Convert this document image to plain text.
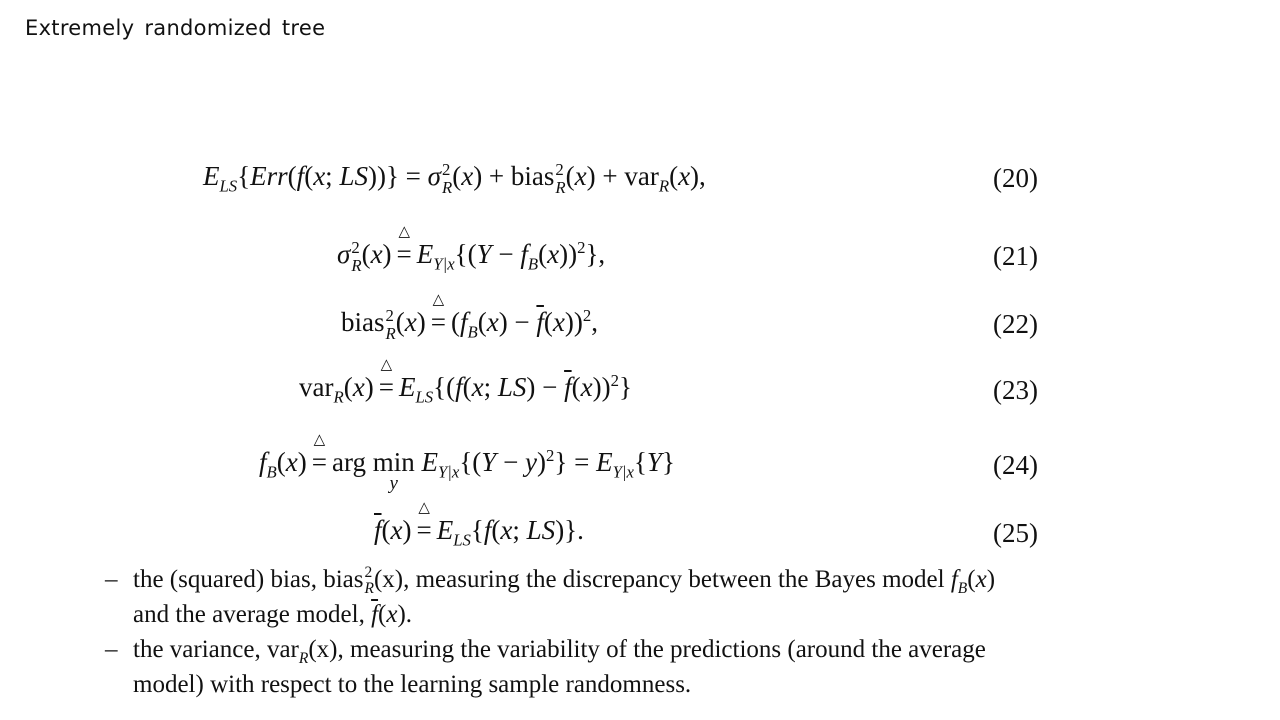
Extremely randomized tree
$E_{LS}\{Err(f(x$; LS))} = σ 2
R (x) + bias 2
R (x) + var$_R$(x),	(20)
σ 2
R (x)
△
= $E_{Y|x}\{(Y - f_B(x))^2\}$,	(21)
bias 2
R (x)
△
= $(f_B(x) - \overline{f}(x))^2$,	(22)
var$_R$(x)
△
= $E_{LS}\{(f(x$; $LS) - \overline{f}(x))^2$}	(23)
$f_B(x)$
△
= arg min
y
$E_{Y|x}\{(Y - y)^2\} = E_{Y|x}\{Y\}$	(24)
$\overline{f}(x)$
△
= $E_{LS}\{f(x$; LS)}.	(25)
– the (squared) bias, bias 2
R (x), measuring the discrepancy between the Bayes model $f_B(x)$
and the average model, $\overline{f}(x)$.
– the variance, var$_R$(x), measuring the variability of the predictions (around the average
model) with respect to the learning sample randomness.
